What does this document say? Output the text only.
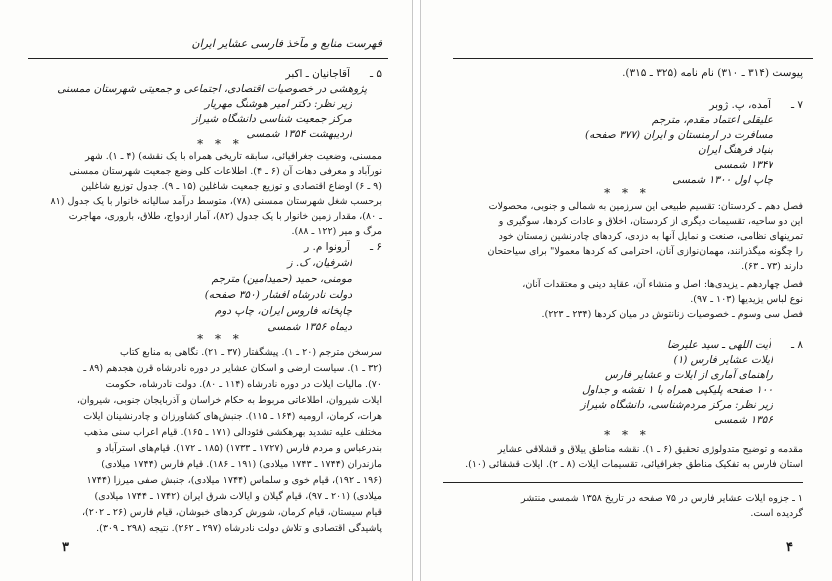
فهرست منابع و مآخذ فارسی عشایر ایران
۵ ـ
آقاجانیان ـ اکبر
پژوهشی در خصوصیات اقتصادی، اجتماعی و جمعیتی شهرستان ممسنی
زیر نظر: دکتر امیر هوشنگ مهریار
مرکز جمعیت شناسی دانشگاه شیراز
اردیبهشت ۱۳۵۴ شمسی
* * *
ممسنی، وضعیت جغرافیائی، سابقه تاریخی همراه با یک نقشه) (۴ ـ ۱). شهر
نورآباد و معرفی دهات آن (۶ ـ ۴). اطلاعات کلی وضع جمعیت شهرستان ممسنی
(۹ ـ ۶) اوضاع اقتصادی و توزیع جمعیت شاغلین (۱۵ ـ ۹). جدول توزیع شاغلین
برحسب شغل شهرستان ممسنی (۷۸)، متوسط درآمد سالیانه خانوار با یک جدول (۸۱
ـ ۸۰)، مقدار زمین خانوار با یک جدول (۸۲)، آمار ازدواج، طلاق، باروری، مهاجرت
مرگ و میر (۱۲۲ ـ ۸۸).
۶ ـ
آرونوا م. ر
اشرفیان، ک. ز
مومنی، حمید (حمیدامین) مترجم
دولت نادرشاه افشار (۳۵۰ صفحه)
چاپخانه فاروس ایران، چاپ دوم
دیماه ۱۳۵۶ شمسی
* * *
سرسخن مترجم (۲۰ ـ ۱). پیشگفتار (۳۷ ـ ۲۱). نگاهی به منابع کتاب
(۳۲ ـ ۱). سیاست ارضی و اسکان عشایر در دوره نادرشاه قرن هجدهم (۸۹ ـ
۷۰). مالیات ایلات در دوره نادرشاه (۱۱۴ ـ ۸۰). دولت نادرشاه، حکومت
ایلات شیروان، اطلاعاتی مربوط به حکام خراسان و آذربایجان جنوبی، شیروان،
هرات، کرمان، ارومیه (۱۶۴ ـ ۱۱۵). جنبش‌های کشاورزان و چادرنشینان ایلات
مختلف علیه تشدید بهرهکشی فئودالی (۱۷۱ ـ ۱۶۵). قیام اعراب سنی مذهب
بندرعباس و مردم فارس (۱۷۲۷ ـ ۱۷۳۳) (۱۸۵ ـ ۱۷۲). قیام‌های استرآباد و
مازندران (۱۷۴۴ ـ ۱۷۴۳ میلادی) (۱۹۱ ـ ۱۸۶). قیام فارس (۱۷۴۴ میلادی)
(۱۹۶ ـ ۱۹۲)، قیام خوی و سلماس (۱۷۴۴ میلادی)، جنبش صفی میرزا (۱۷۴۴
میلادی) (۲۰۱ ـ ۹۷)، قیام گیلان و ایالات شرق ایران (۱۷۴۲ ـ ۱۷۴۴ میلادی)
قیام سیستان، قیام کرمان، شورش کردهای خبوشان، قیام فارس (۲۶ ـ ۲۰۲)،
پاشیدگی اقتصادی و تلاش دولت نادرشاه (۲۹۷ ـ ۲۶۲). نتیجه (۲۹۸ ـ ۳۰۹).
۳
پیوست (۳۱۴ ـ ۳۱۰) نام نامه (۳۲۵ ـ ۳۱۵).
۷ ـ
آمده، پ. ژوبر
علیقلی اعتماد مقدم، مترجم
مسافرت در ارمنستان و ایران (۳۷۷ صفحه)
بنیاد فرهنگ ایران
۱۳۴۷ شمسی
چاپ اول ۱۳۰۰ شمسی
* * *
فصل دهم ـ کردستان: تقسیم طبیعی این سرزمین به شمالی و جنوبی، محصولات
این دو ساحیه، تقسیمات دیگری از کردستان، اخلاق و عادات کردها، سوگیری و
تمرینهای نظامی، صنعت و نمایل آنها به دزدی، کردهای چادرنشین زمستان خود
را چگونه میگذرانند، مهمان‌نوازی آنان، احترامی که کردها معمولا" برای سیاحتحان
دارند (۷۳ ـ ۶۳).
فصل چهاردهم ـ یزیدی‌ها: اصل و منشاء آن، عقاید دینی و معتقدات آنان،
نوع لباس یزیدیها (۱۰۳ ـ ۹۷).
فصل سی وسوم ـ خصوصیات زنانتوش در میان کردها (۲۳۴ ـ ۲۲۳).
۸ ـ
آیت اللهی ـ سید علیرضا
ایلات عشایر فارس (۱)
راهنمای آماری از ایلات و عشایر فارس
۱۰۰ صفحه پلیکپی همراه با ۱ نقشه و جداول
زیر نظر: مرکز مردم‌شناسی، دانشگاه شیراز
۱۳۵۶ شمسی
* * *
مقدمه و توضیح متدولوژی تحقیق (۶ ـ ۱). نقشه مناطق ییلاق و قشلاقی عشایر
استان فارس به تفکیک مناطق جغرافیائی، تقسیمات ایلات (۸ ـ ۲). ایلات قشقائی (۱۰).
۱ ـ جزوه ایلات عشایر فارس در ۷۵ صفحه در تاریخ ۱۳۵۸ شمسی منتشر
گردیده است.
۴
